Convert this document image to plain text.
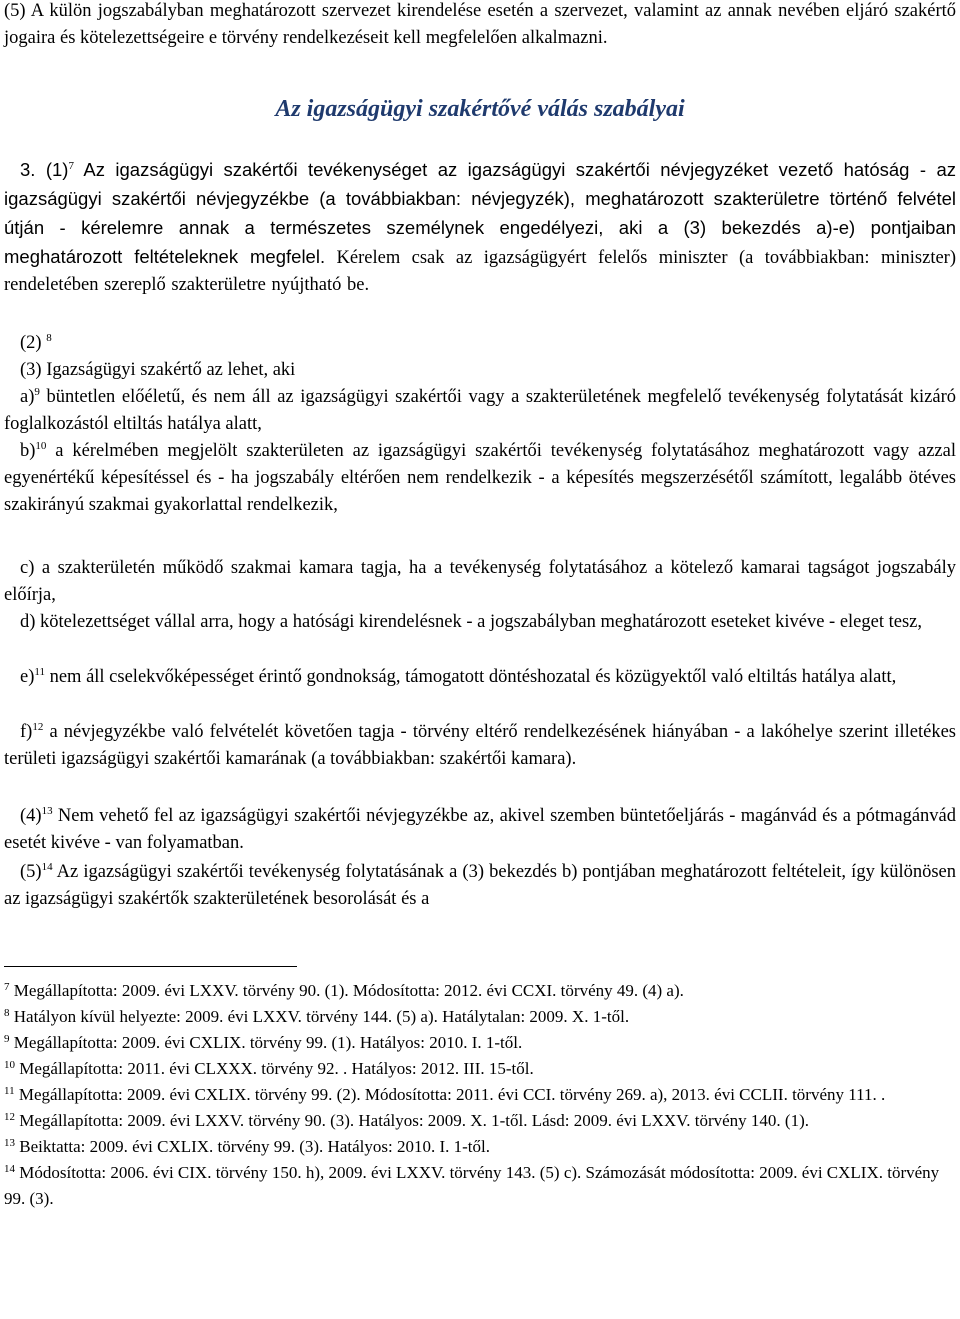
(5) A külön jogszabályban meghatározott szervezet kirendelése esetén a szervezet, valamint az annak nevében eljáró szakértő jogaira és kötelezettségeire e törvény rendelkezéseit kell megfelelően alkalmazni.

Az igazságügyi szakértővé válás szabályai

3. $(1)^7$ Az igazságügyi szakértői tevékenységet az igazságügyi szakértői névjegyzéket vezető hatóság - az igazságügyi szakértői névjegyzékbe (a továbbiakban: névjegyzék), meghatározott szakterületre történő felvétel útján - kérelemre annak a természetes személynek engedélyezi, aki a (3) bekezdés a)-e) pontjaiban meghatározott feltételeknek megfelel. Kérelem csak az igazságügyért felelős miniszter (a továbbiakban: miniszter) rendeletében szereplő szakterületre nyújtható be.

(2) $^8$

(3) Igazságügyi szakértő az lehet, aki

a)$^9$ büntetlen előéletű, és nem áll az igazságügyi szakértői vagy a szakterületének megfelelő tevékenység folytatását kizáró foglalkozástól eltiltás hatálya alatt,

b)$^{10}$ a kérelmében megjelölt szakterületen az igazságügyi szakértői tevékenység folytatásához meghatározott vagy azzal egyenértékű képesítéssel és - ha jogszabály eltérően nem rendelkezik - a képesítés megszerzésétől számított, legalább ötéves szakirányú szakmai gyakorlattal rendelkezik,

c) a szakterületén működő szakmai kamara tagja, ha a tevékenység folytatásához a kötelező kamarai tagságot jogszabály előírja,

d) kötelezettséget vállal arra, hogy a hatósági kirendelésnek - a jogszabályban meghatározott eseteket kivéve - eleget tesz,

e)$^{11}$ nem áll cselekvőképességet érintő gondnokság, támogatott döntéshozatal és közügyektől való eltiltás hatálya alatt,

f)$^{12}$ a névjegyzékbe való felvételét követően tagja - törvény eltérő rendelkezésének hiányában - a lakóhelye szerint illetékes területi igazságügyi szakértői kamarának (a továbbiakban: szakértői kamara).

$(4)^{13}$ Nem vehető fel az igazságügyi szakértői névjegyzékbe az, akivel szemben büntetőeljárás - magánvád és a pótmagánvád esetét kivéve - van folyamatban.

$(5)^{14}$ Az igazságügyi szakértői tevékenység folytatásának a (3) bekezdés b) pontjában meghatározott feltételeit, így különösen az igazságügyi szakértők szakterületének besorolását és a

$^7$ Megállapította: 2009. évi LXXV. törvény 90. (1). Módosította: 2012. évi CCXI. törvény 49. (4) a).
$^8$ Hatályon kívül helyezte: 2009. évi LXXV. törvény 144. (5) a). Hatálytalan: 2009. X. 1-től.
$^9$ Megállapította: 2009. évi CXLIX. törvény 99. (1). Hatályos: 2010. I. 1-től.
$^{10}$ Megállapította: 2011. évi CLXXX. törvény 92. . Hatályos: 2012. III. 15-től.
$^{11}$ Megállapította: 2009. évi CXLIX. törvény 99. (2). Módosította: 2011. évi CCI. törvény 269. a), 2013. évi CCLII. törvény 111. .
$^{12}$ Megállapította: 2009. évi LXXV. törvény 90. (3). Hatályos: 2009. X. 1-től. Lásd: 2009. évi LXXV. törvény 140. (1).
$^{13}$ Beiktatta: 2009. évi CXLIX. törvény 99. (3). Hatályos: 2010. I. 1-től.
$^{14}$ Módosította: 2006. évi CIX. törvény 150. h), 2009. évi LXXV. törvény 143. (5) c). Számozását módosította: 2009. évi CXLIX. törvény 99. (3).
